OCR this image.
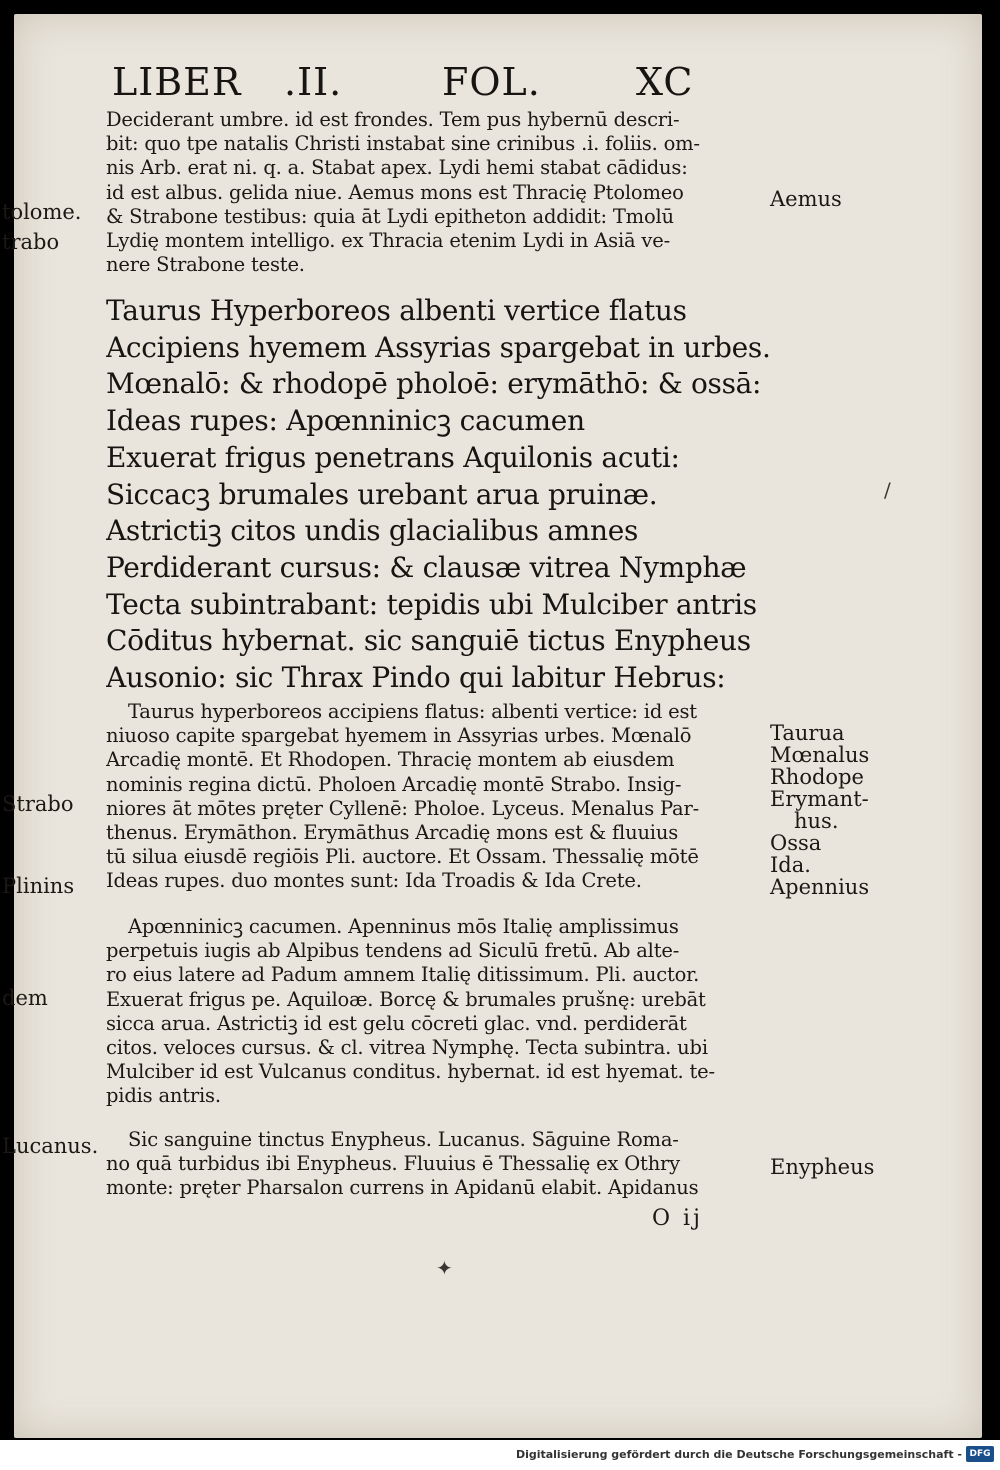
LIBER .II.	FOL.	XC
Deciderant umbre. id est frondes. Tem pus hybernū descri-
bit: quo tpe natalis Christi instabat sine crinibus .i. foliis. om-
nis Arb. erat ni. q. a. Stabat apex. Lydi hemi stabat cādidus:
id est albus. gelida niue. Aemus mons est Thracię Ptolomeo
& Strabone testibus: quia āt Lydi epitheton addidit: Tmolū
Lydię montem intelligo. ex Thracia etenim Lydi in Asiā ve-
nere Strabone teste.
Taurus Hyperboreos albenti vertice flatus
Accipiens hyemem Assyrias spargebat in urbes.
Mœnalō: & rhodopē pholoē: erymāthō: & ossā:
Ideas rupes: Apœnninicꝫ cacumen
Exuerat frigus penetrans Aquilonis acuti:
Siccacꝫ brumales urebant arua pruinæ.
Astrictiꝫ citos undis glacialibus amnes
Perdiderant cursus: & clausæ vitrea Nymphæ
Tecta subintrabant: tepidis ubi Mulciber antris
Cōditus hybernat. sic sanguiē tictus Enypheus
Ausonio: sic Thrax Pindo qui labitur Hebrus:
Taurus hyperboreos accipiens flatus: albenti vertice: id est
niuoso capite spargebat hyemem in Assyrias urbes. Mœnalō
Arcadię montē. Et Rhodopen. Thracię montem ab eiusdem
nominis regina dictū. Pholoen Arcadię montē Strabo. Insig-
niores āt mōtes pręter Cyllenē: Pholoe. Lyceus. Menalus Par-
thenus. Erymāthon. Erymāthus Arcadię mons est & fluuius
tū silua eiusdē regiōis Pli. auctore. Et Ossam. Thessalię mōtē
Ideas rupes. duo montes sunt: Ida Troadis & Ida Crete.
Apœnninicꝫ cacumen. Apenninus mōs Italię amplissimus
perpetuis iugis ab Alpibus tendens ad Siculū fretū. Ab alte-
ro eius latere ad Padum amnem Italię ditissimum. Pli. auctor.
Exuerat frigus pe. Aquiloæ. Borcę & brumales prušnę: urebāt
sicca arua. Astrictiꝫ id est gelu cōcreti glac. vnd. perdiderāt
citos. veloces cursus. & cl. vitrea Nymphę. Tecta subintra. ubi
Mulciber id est Vulcanus conditus. hybernat. id est hyemat. te-
pidis antris.
Sic sanguine tinctus Enypheus. Lucanus. Sāguine Roma-
no quā turbidus ibi Enypheus. Fluuius ē Thessalię ex Othry
monte: pręter Pharsalon currens in Apidanū elabit. Apidanus
O ij
tolome.
trabo
Strabo
Plinins
dem
Lucanus.
Aemus
Taurua
Mœnalus
Rhodope
Erymant-
hus.
Ossa
Ida.
Apennius
Enypheus
✦
/
Digitalisierung gefördert durch die Deutsche Forschungsgemeinschaft - DFG
